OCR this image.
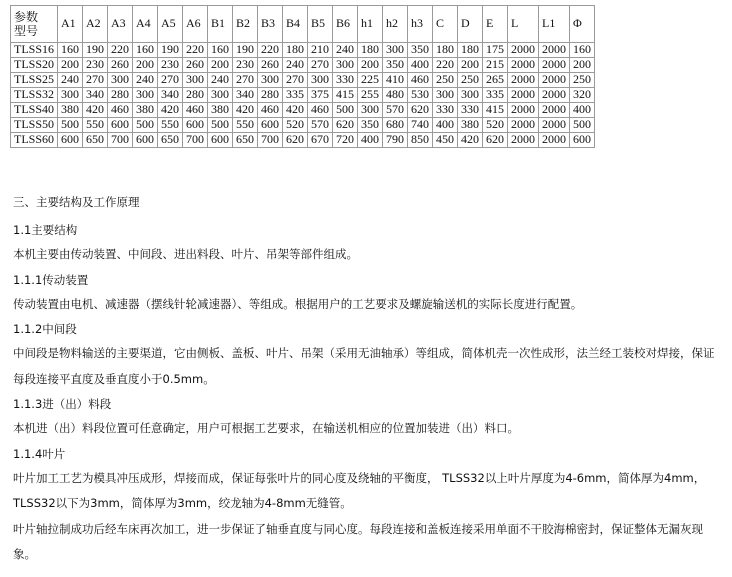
参数
型号	A1	A2	A3	A4	A5	A6	B1	B2	B3	B4	B5	B6	h1	h2	h3	C	D	E	L	L1	Φ
TLSS16	160	190	220	160	190	220	160	190	220	180	210	240	180	300	350	180	180	175	2000	2000	160
TLSS20	200	230	260	200	230	260	200	230	260	240	270	300	200	350	400	220	200	215	2000	2000	200
TLSS25	240	270	300	240	270	300	240	270	300	270	300	330	225	410	460	250	250	265	2000	2000	250
TLSS32	300	340	280	300	340	280	300	340	280	335	375	415	255	480	530	300	300	335	2000	2000	320
TLSS40	380	420	460	380	420	460	380	420	460	420	460	500	300	570	620	330	330	415	2000	2000	400
TLSS50	500	550	600	500	550	600	500	550	600	520	570	620	350	680	740	400	380	520	2000	2000	500
TLSS60	600	650	700	600	650	700	600	650	700	620	670	720	400	790	850	450	420	620	2000	2000	600

三、主要结构及工作原理

1.1主要结构

本机主要由传动装置、中间段、进出料段、叶片、吊架等部件组成。

1.1.1传动装置

传动装置由电机、减速器（摆线针轮减速器）、等组成。根据用户的工艺要求及螺旋输送机的实际长度进行配置。

1.1.2中间段

中间段是物料输送的主要渠道，它由侧板、盖板、叶片、吊架（采用无油轴承）等组成，简体机壳一次性成形，法兰经工装校对焊接，保证每段连接平直度及垂直度小于0.5mm。

1.1.3进（出）料段

本机进（出）料段位置可任意确定，用户可根据工艺要求，在输送机相应的位置加装进（出）料口。

1.1.4叶片

叶片加工工艺为模具冲压成形，焊接而成，保证每张叶片的同心度及绕轴的平衡度， TLSS32以上叶片厚度为4-6mm，简体厚为4mm，TLSS32以下为3mm，简体厚为3mm，绞龙轴为4-8mm无缝管。

叶片轴拉制成功后经车床再次加工，进一步保证了轴垂直度与同心度。每段连接和盖板连接采用单面不干胶海棉密封，保证整体无漏灰现象。
